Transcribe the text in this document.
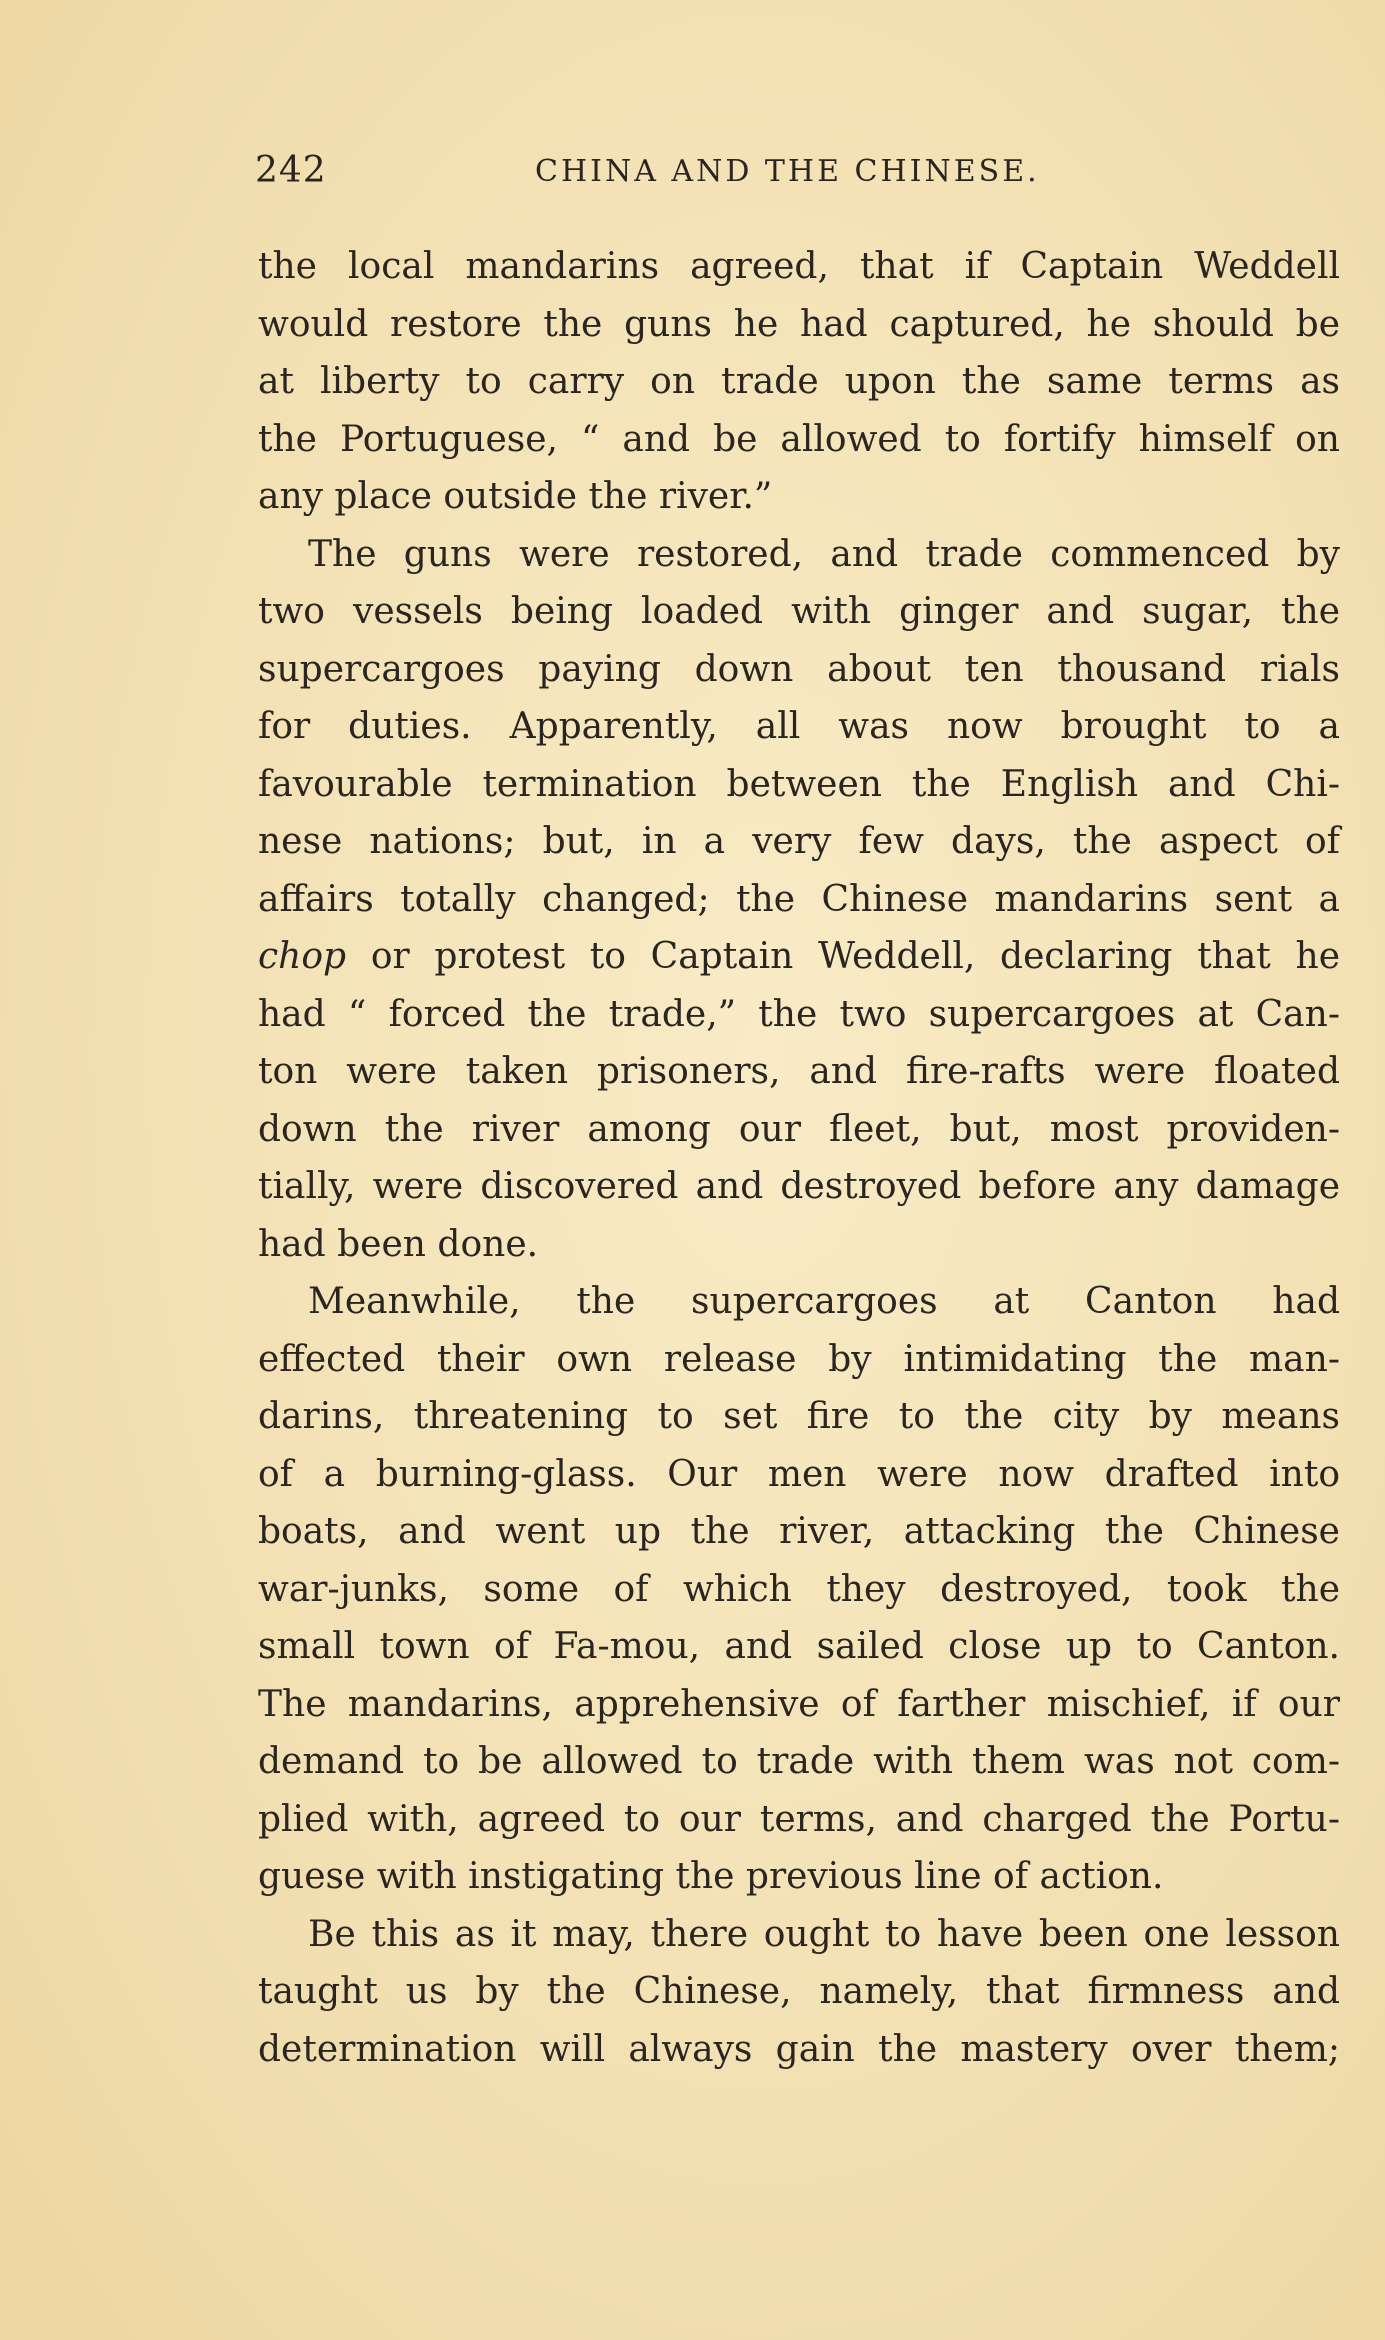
242	CHINA AND THE CHINESE.
the local mandarins agreed, that if Captain Weddell
would restore the guns he had captured, he should be
at liberty to carry on trade upon the same terms as
the Portuguese, “ and be allowed to fortify himself on
any place outside the river.”
The guns were restored, and trade commenced by
two vessels being loaded with ginger and sugar, the
supercargoes paying down about ten thousand rials
for duties. Apparently, all was now brought to a
favourable termination between the English and Chi-
nese nations; but, in a very few days, the aspect of
affairs totally changed; the Chinese mandarins sent a
chop or protest to Captain Weddell, declaring that he
had “ forced the trade,” the two supercargoes at Can-
ton were taken prisoners, and fire-rafts were floated
down the river among our fleet, but, most providen-
tially, were discovered and destroyed before any damage
had been done.
Meanwhile, the supercargoes at Canton had
effected their own release by intimidating the man-
darins, threatening to set fire to the city by means
of a burning-glass. Our men were now drafted into
boats, and went up the river, attacking the Chinese
war-junks, some of which they destroyed, took the
small town of Fa-mou, and sailed close up to Canton.
The mandarins, apprehensive of farther mischief, if our
demand to be allowed to trade with them was not com-
plied with, agreed to our terms, and charged the Portu-
guese with instigating the previous line of action.
Be this as it may, there ought to have been one lesson
taught us by the Chinese, namely, that firmness and
determination will always gain the mastery over them;
